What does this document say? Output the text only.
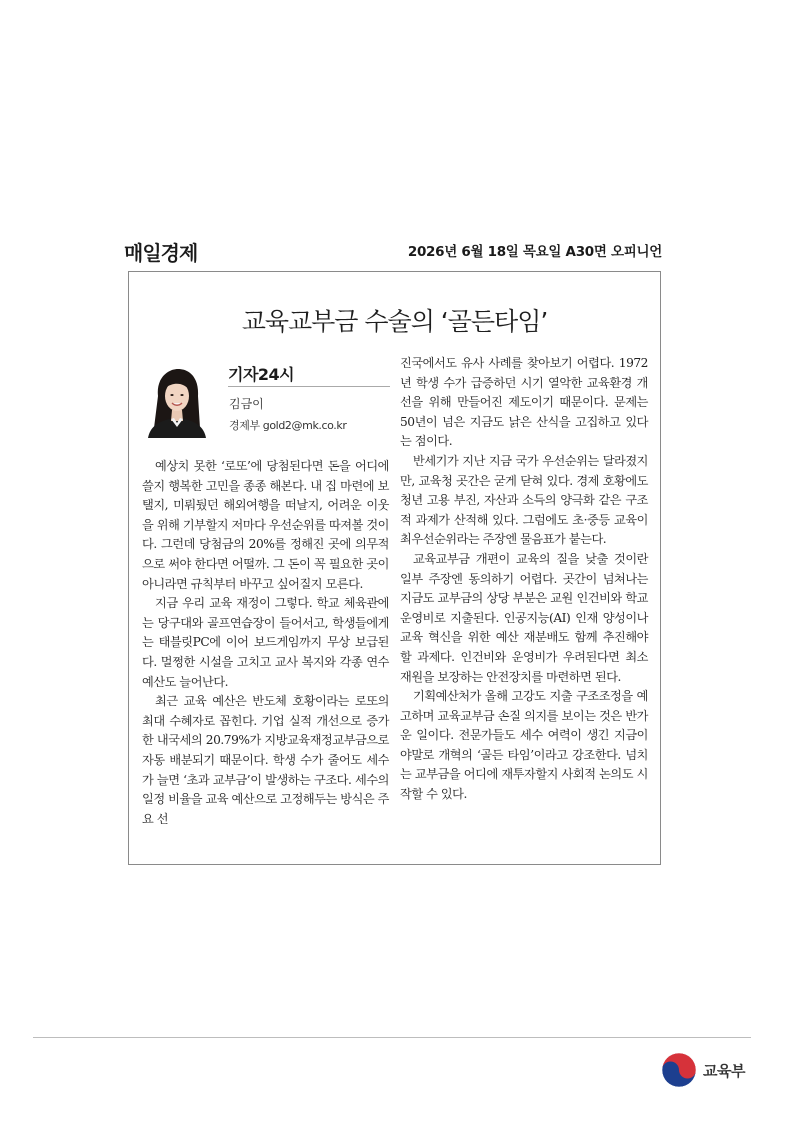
매일경제	2026년 6월 18일 목요일 A30면 오피니언
교육교부금 수술의 ‘골든타임’
기자24시
김금이
경제부 gold2@mk.co.kr

예상치 못한 ‘로또’에 당첨된다면 돈을 어디에 쓸지 행복한 고민을 종종 해본다. 내 집 마련에 보탤지, 미뤄뒀던 해외여행을 떠날지, 어려운 이웃을 위해 기부할지 저마다 우선순위를 따져볼 것이다. 그런데 당첨금의 20%를 정해진 곳에 의무적으로 써야 한다면 어떨까. 그 돈이 꼭 필요한 곳이 아니라면 규칙부터 바꾸고 싶어질지 모른다.

지금 우리 교육 재정이 그렇다. 학교 체육관에는 당구대와 골프연습장이 들어서고, 학생들에게는 태블릿PC에 이어 보드게임까지 무상 보급된다. 멀쩡한 시설을 고치고 교사 복지와 각종 연수 예산도 늘어난다.

최근 교육 예산은 반도체 호황이라는 로또의 최대 수혜자로 꼽힌다. 기업 실적 개선으로 증가한 내국세의 20.79%가 지방교육재정교부금으로 자동 배분되기 때문이다. 학생 수가 줄어도 세수가 늘면 ‘초과 교부금’이 발생하는 구조다. 세수의 일정 비율을 교육 예산으로 고정해두는 방식은 주요 선

진국에서도 유사 사례를 찾아보기 어렵다. 1972년 학생 수가 급증하던 시기 열악한 교육환경 개선을 위해 만들어진 제도이기 때문이다. 문제는 50년이 넘은 지금도 낡은 산식을 고집하고 있다는 점이다.

반세기가 지난 지금 국가 우선순위는 달라졌지만, 교육청 곳간은 굳게 닫혀 있다. 경제 호황에도 청년 고용 부진, 자산과 소득의 양극화 같은 구조적 과제가 산적해 있다. 그럼에도 초·중등 교육이 최우선순위라는 주장엔 물음표가 붙는다.

교육교부금 개편이 교육의 질을 낮출 것이란 일부 주장엔 동의하기 어렵다. 곳간이 넘쳐나는 지금도 교부금의 상당 부분은 교원 인건비와 학교 운영비로 지출된다. 인공지능(AI) 인재 양성이나 교육 혁신을 위한 예산 재분배도 함께 추진해야 할 과제다. 인건비와 운영비가 우려된다면 최소 재원을 보장하는 안전장치를 마련하면 된다.

기획예산처가 올해 고강도 지출 구조조정을 예고하며 교육교부금 손질 의지를 보이는 것은 반가운 일이다. 전문가들도 세수 여력이 생긴 지금이야말로 개혁의 ‘골든 타임’이라고 강조한다. 넘치는 교부금을 어디에 재투자할지 사회적 논의도 시작할 수 있다.

교육부
